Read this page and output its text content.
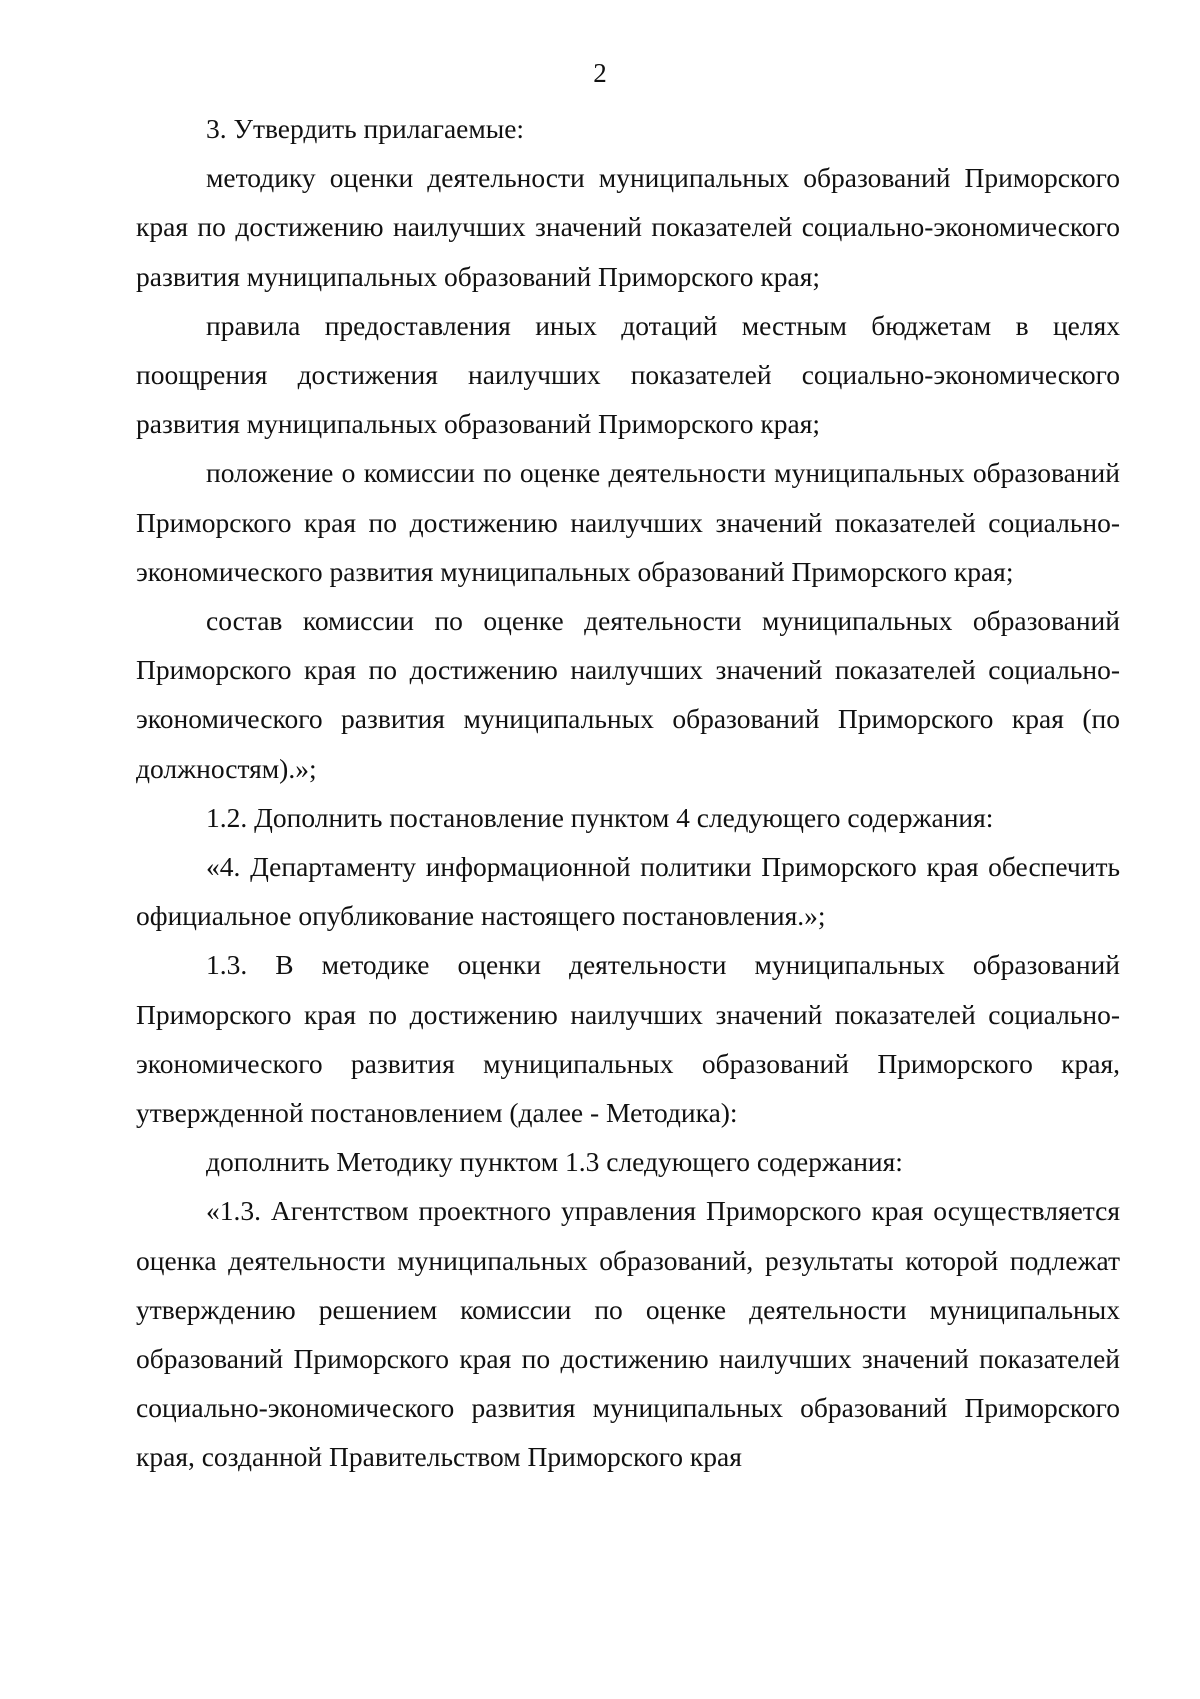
2

3. Утвердить прилагаемые:

методику оценки деятельности муниципальных образований Приморского края по достижению наилучших значений показателей социально-экономического развития муниципальных образований Приморского края;

правила предоставления иных дотаций местным бюджетам в целях поощрения достижения наилучших показателей социально-экономического развития муниципальных образований Приморского края;

положение о комиссии по оценке деятельности муниципальных образований Приморского края по достижению наилучших значений показателей социально-экономического развития муниципальных образований Приморского края;

состав комиссии по оценке деятельности муниципальных образований Приморского края по достижению наилучших значений показателей социально-экономического развития муниципальных образований Приморского края (по должностям).»;

1.2. Дополнить постановление пунктом 4 следующего содержания:

«4. Департаменту информационной политики Приморского края обеспечить официальное опубликование настоящего постановления.»;

1.3. В методике оценки деятельности муниципальных образований Приморского края по достижению наилучших значений показателей социально-экономического развития муниципальных образований Приморского края, утвержденной постановлением (далее - Методика):

дополнить Методику пунктом 1.3 следующего содержания:

«1.3. Агентством проектного управления Приморского края осуществляется оценка деятельности муниципальных образований, результаты которой подлежат утверждению решением комиссии по оценке деятельности муниципальных образований Приморского края по достижению наилучших значений показателей социально-экономического развития муниципальных образований Приморского края, созданной Правительством Приморского края
